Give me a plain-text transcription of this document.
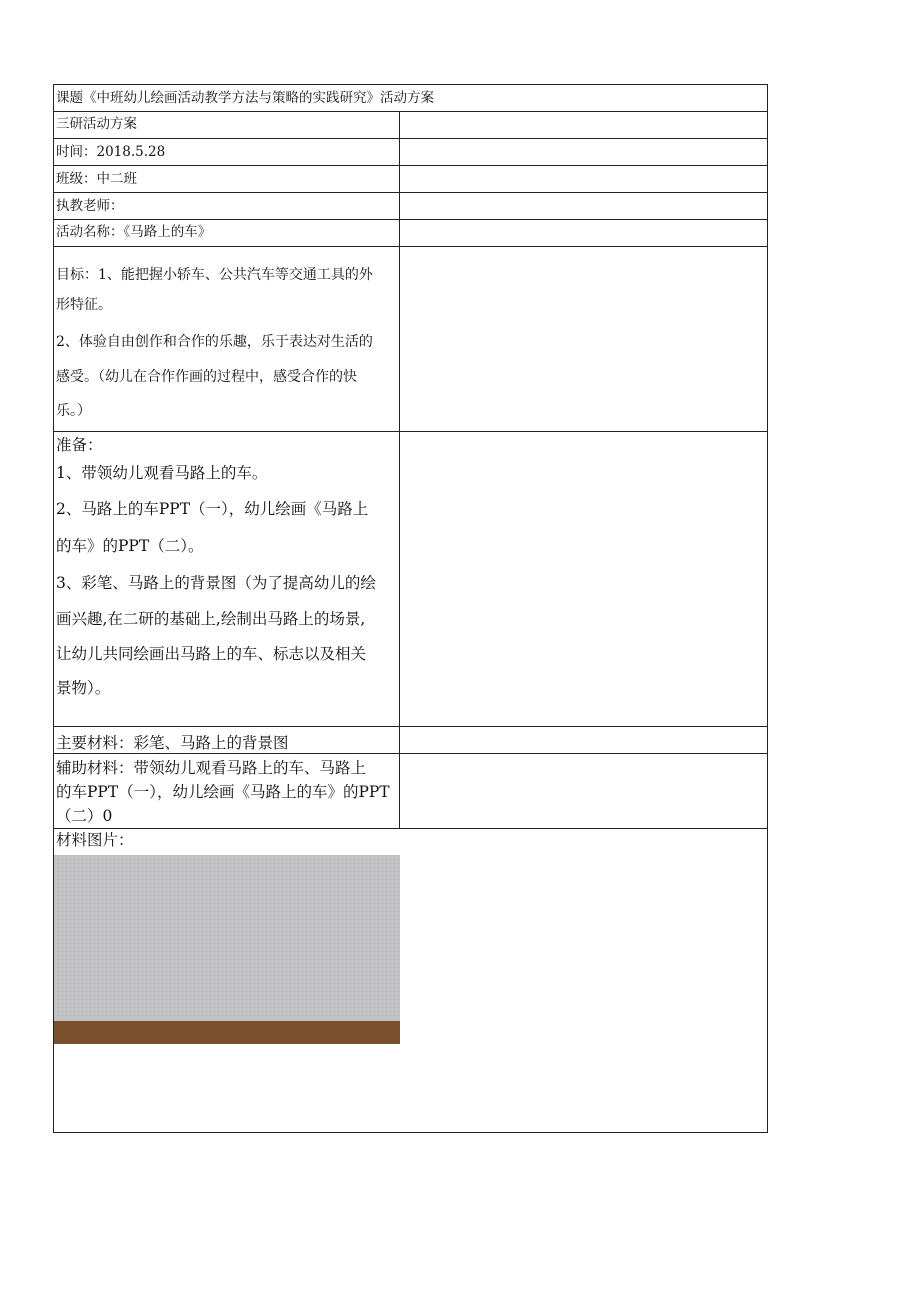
课题《中班幼儿绘画活动教学方法与策略的实践研究》活动方案
三研活动方案
时间：2018.5.28
班级：中二班
执教老师：
活动名称：《马路上的车》

目标：1、能把握小轿车、公共汽车等交通工具的外

形特征。

2、体验自由创作和合作的乐趣，乐于表达对生活的

感受。（幼儿在合作作画的过程中，感受合作的快

乐。）

准备：

1、带领幼儿观看马路上的车。

2、马路上的车PPT（一），幼儿绘画《马路上

的车》的PPT（二）。

3、彩笔、马路上的背景图（为了提高幼儿的绘

画兴趣,在二研的基础上,绘制出马路上的场景,

让幼儿共同绘画出马路上的车、标志以及相关

景物）。

主要材料：彩笔、马路上的背景图

辅助材料：带领幼儿观看马路上的车、马路上

的车PPT（一），幼儿绘画《马路上的车》的PPT

（二）0

材料图片：
